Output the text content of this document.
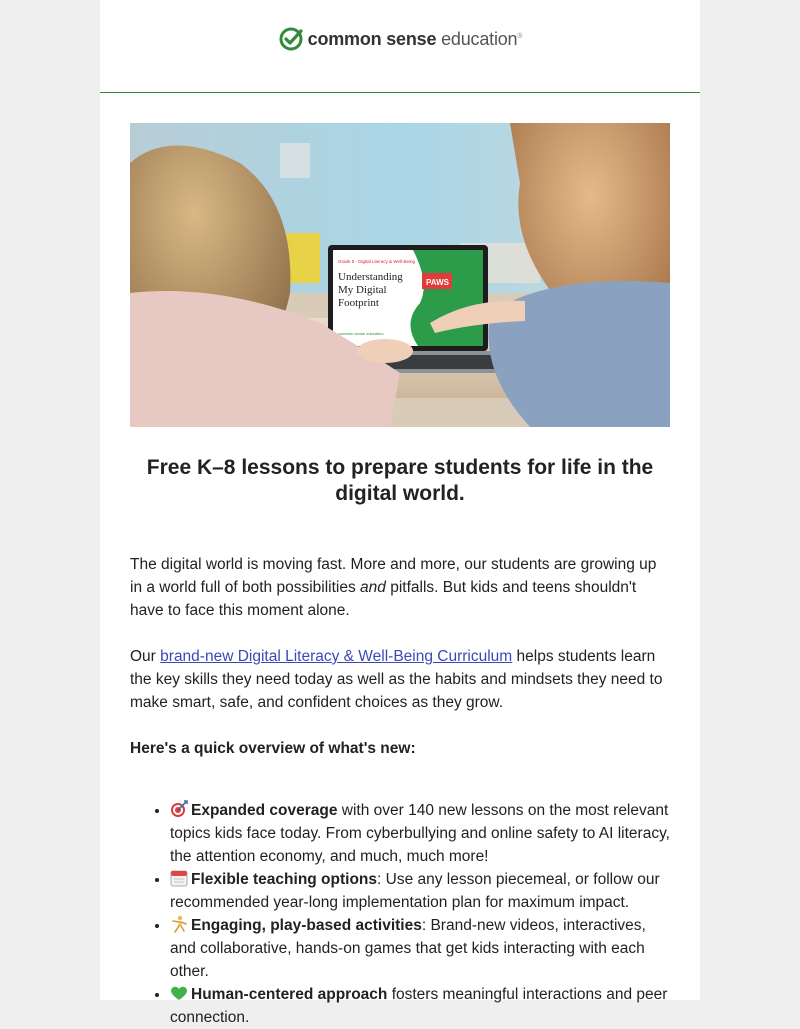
common sense education®
Grade 5 · Digital Literacy & Well-Being
Understanding
My Digital
Footprint
PAWS
common sense education
Free K–8 lessons to prepare students for life in the digital world.

The digital world is moving fast. More and more, our students are growing up in a world full of both possibilities and pitfalls. But kids and teens shouldn't have to face this moment alone.

Our brand-new Digital Literacy & Well-Being Curriculum helps students learn the key skills they need today as well as the habits and mindsets they need to make smart, safe, and confident choices as they grow.

Here's a quick overview of what's new:

• Expanded coverage with over 140 new lessons on the most relevant topics kids face today. From cyberbullying and online safety to AI literacy, the attention economy, and much, much more!
• Flexible teaching options: Use any lesson piecemeal, or follow our recommended year-long implementation plan for maximum impact.
• Engaging, play-based activities: Brand-new videos, interactives, and collaborative, hands-on games that get kids interacting with each other.
• Human-centered approach fosters meaningful interactions and peer connection.
